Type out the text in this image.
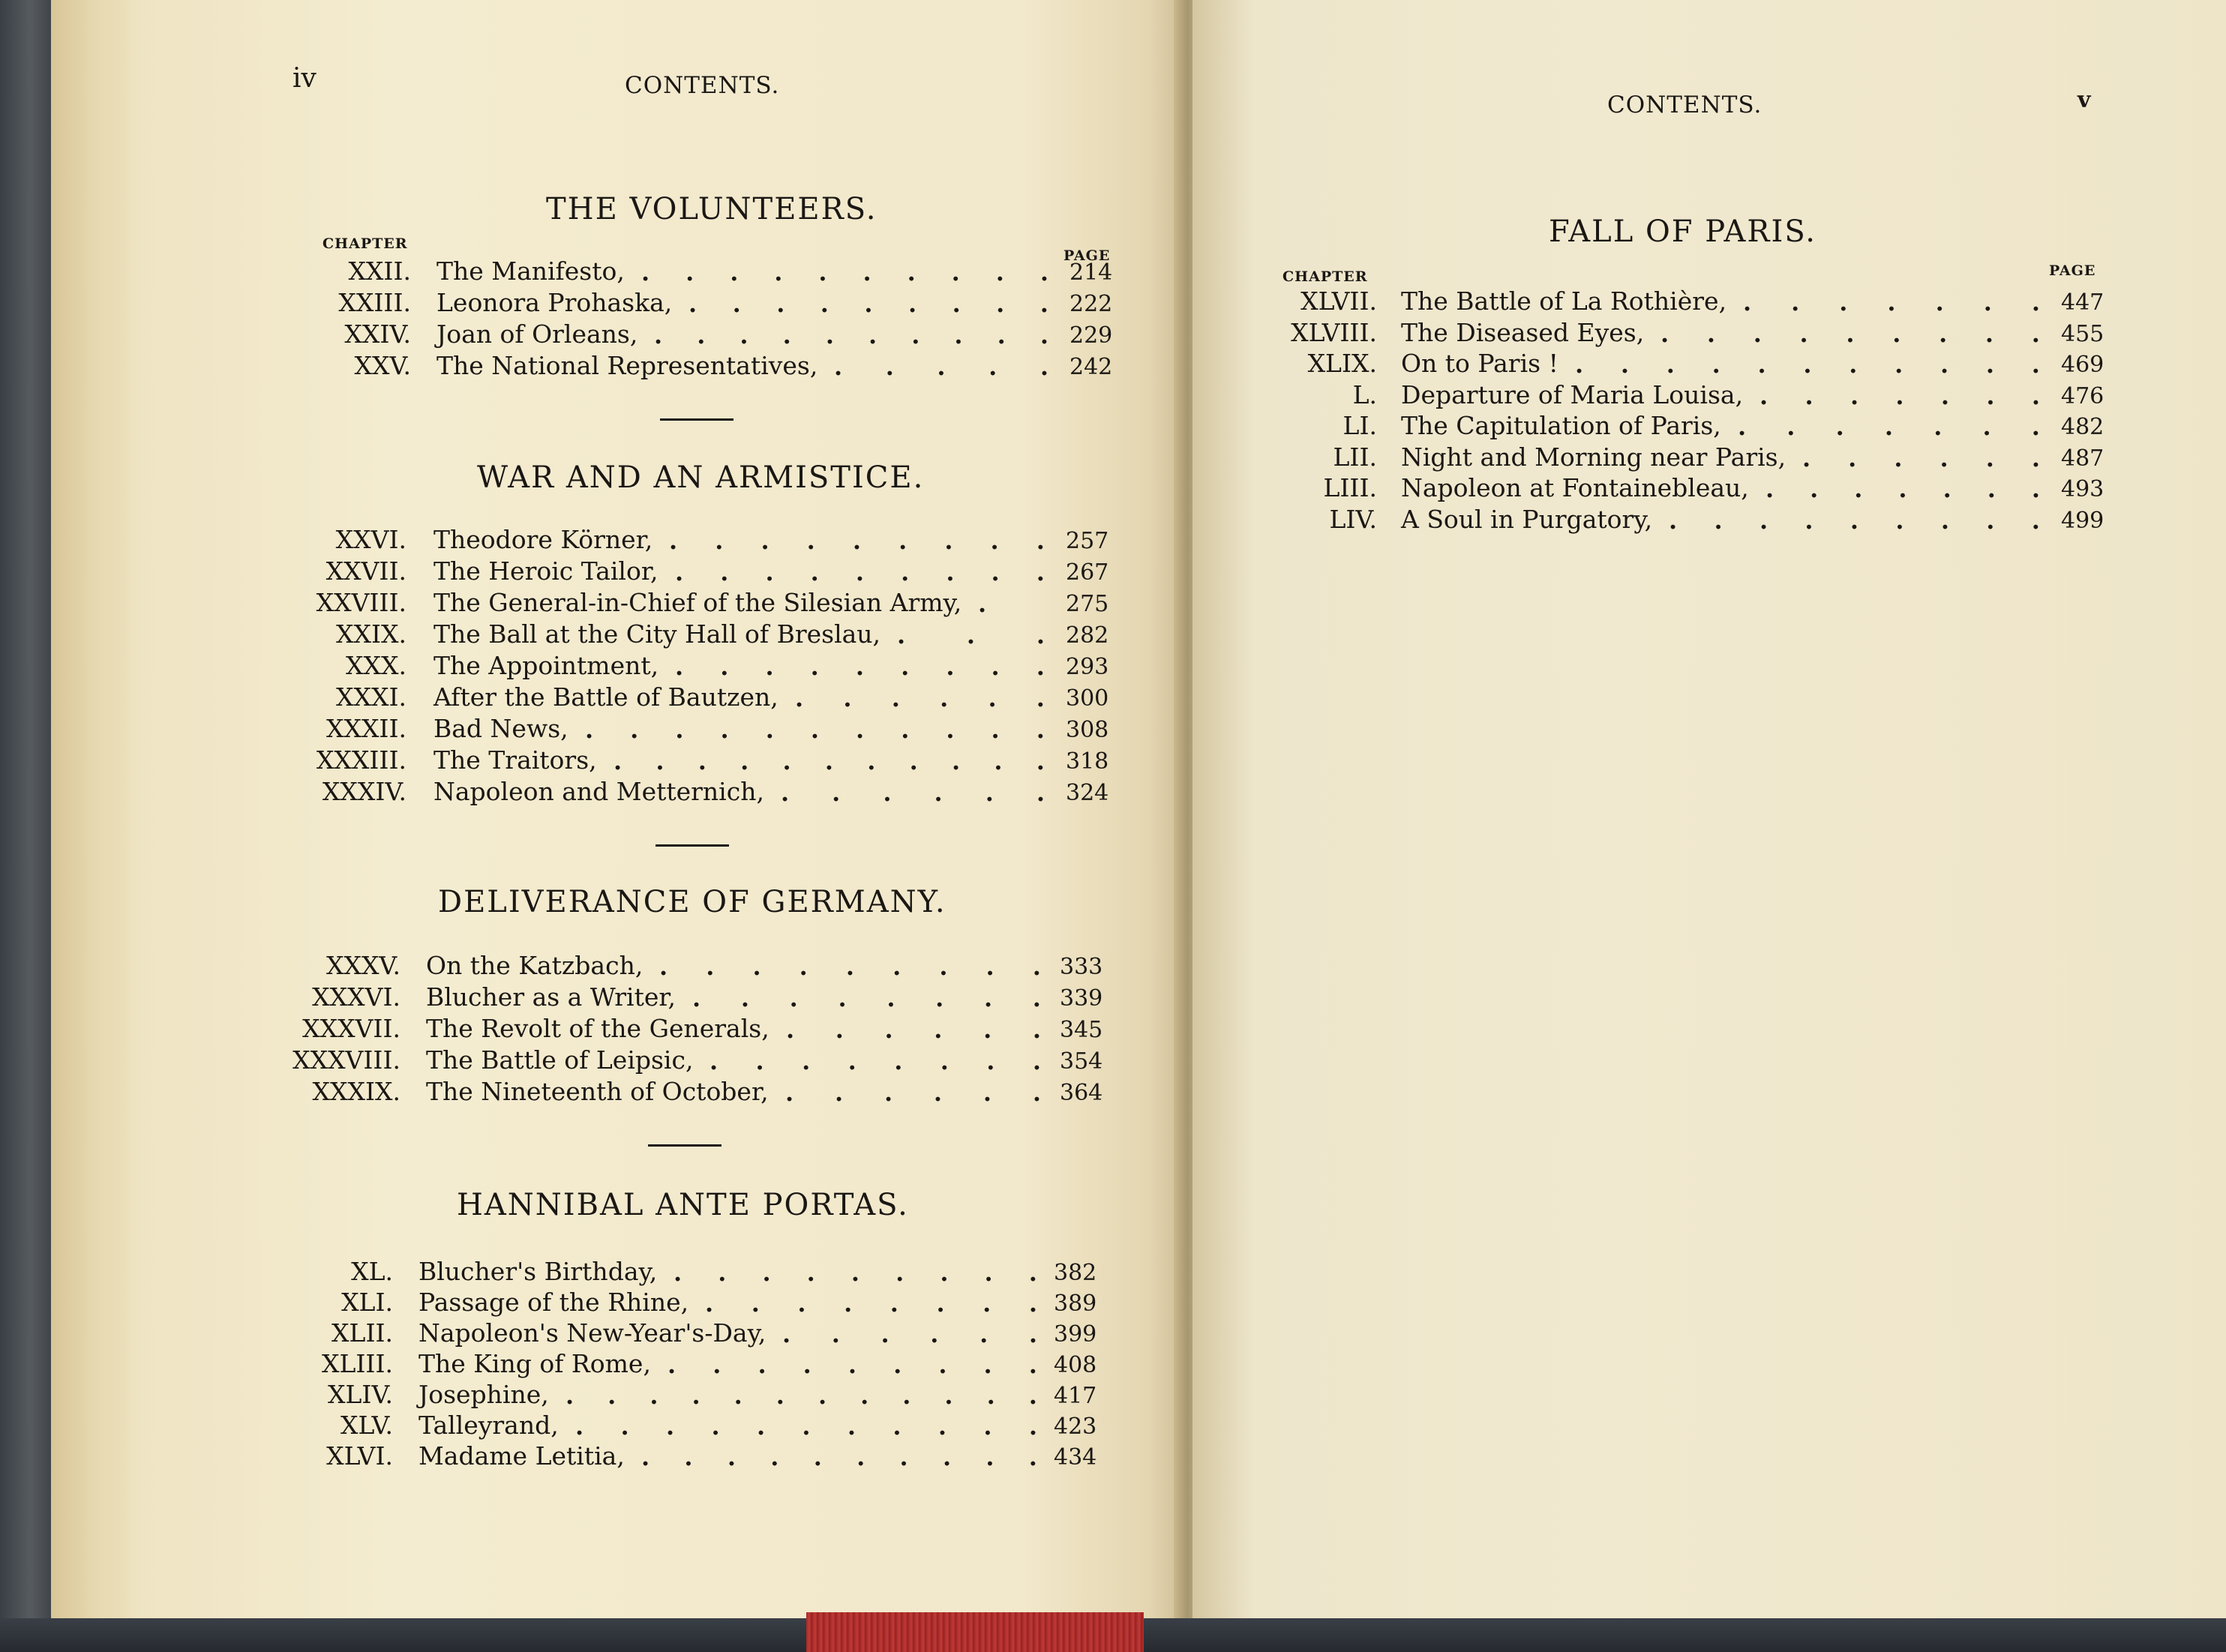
iv	CONTENTS.
THE VOLUNTEERS.
CHAPTER
PAGE
XXII. The Manifesto,	214
. . . . . . . . . .
XXIII. Leonora Prohaska,	222
. . . . . . . . .
XXIV. Joan of Orleans,	229
. . . . . . . . . .
XXV. The National Representatives,	242
. . . . .
WAR AND AN ARMISTICE.
XXVI. Theodore Körner,	257
. . . . . . . . .
XXVII. The Heroic Tailor,	267
. . . . . . . . .
XXVIII. The General-in-Chief of the Silesian Army,	275
.
XXIX. The Ball at the City Hall of Breslau,	282
.	.	.
XXX. The Appointment,	293
. . . . . . . . .
XXXI. After the Battle of Bautzen,	300
. . . . . .
XXXII. Bad News,	308
. . . . . . . . . . .
XXXIII. The Traitors,	318
. . . . . . . . . . .
XXXIV. Napoleon and Metternich,	324
. . . . . .
DELIVERANCE OF GERMANY.
XXXV. On the Katzbach,	333
. . . . . . . . .
XXXVI. Blucher as a Writer,	339
. . . . . . . .
XXXVII. The Revolt of the Generals,	345
. . . . . .
XXXVIII. The Battle of Leipsic,	354
. . . . . . . .
XXXIX. The Nineteenth of October,	364
. . . . . .
HANNIBAL ANTE PORTAS.
XL. Blucher's Birthday,	382
. . . . . . . . .
XLI. Passage of the Rhine,	389
. . . . . . . .
XLII. Napoleon's New-Year's-Day,	399
. . . . . .
XLIII. The King of Rome,	408
. . . . . . . . .
XLIV. Josephine,	417
. . . . . . . . . . . .
XLV. Talleyrand,	423
. . . . . . . . . . .
XLVI. Madame Letitia,	434
. . . . . . . . . .
CONTENTS.	v
FALL OF PARIS.
CHAPTER	PAGE
XLVII. The Battle of La Rothière,	447
. . . . . . .
XLVIII. The Diseased Eyes,	455
. . . . . . . . .
XLIX. On to Paris !	469
. . . . . . . . . . .
L. Departure of Maria Louisa,	476
. . . . . . .
LI. The Capitulation of Paris,	482
. . . . . . .
LII. Night and Morning near Paris,	487
. . . . . .
LIII. Napoleon at Fontainebleau,	493
. . . . . . .
LIV. A Soul in Purgatory,	499
. . . . . . . . .
